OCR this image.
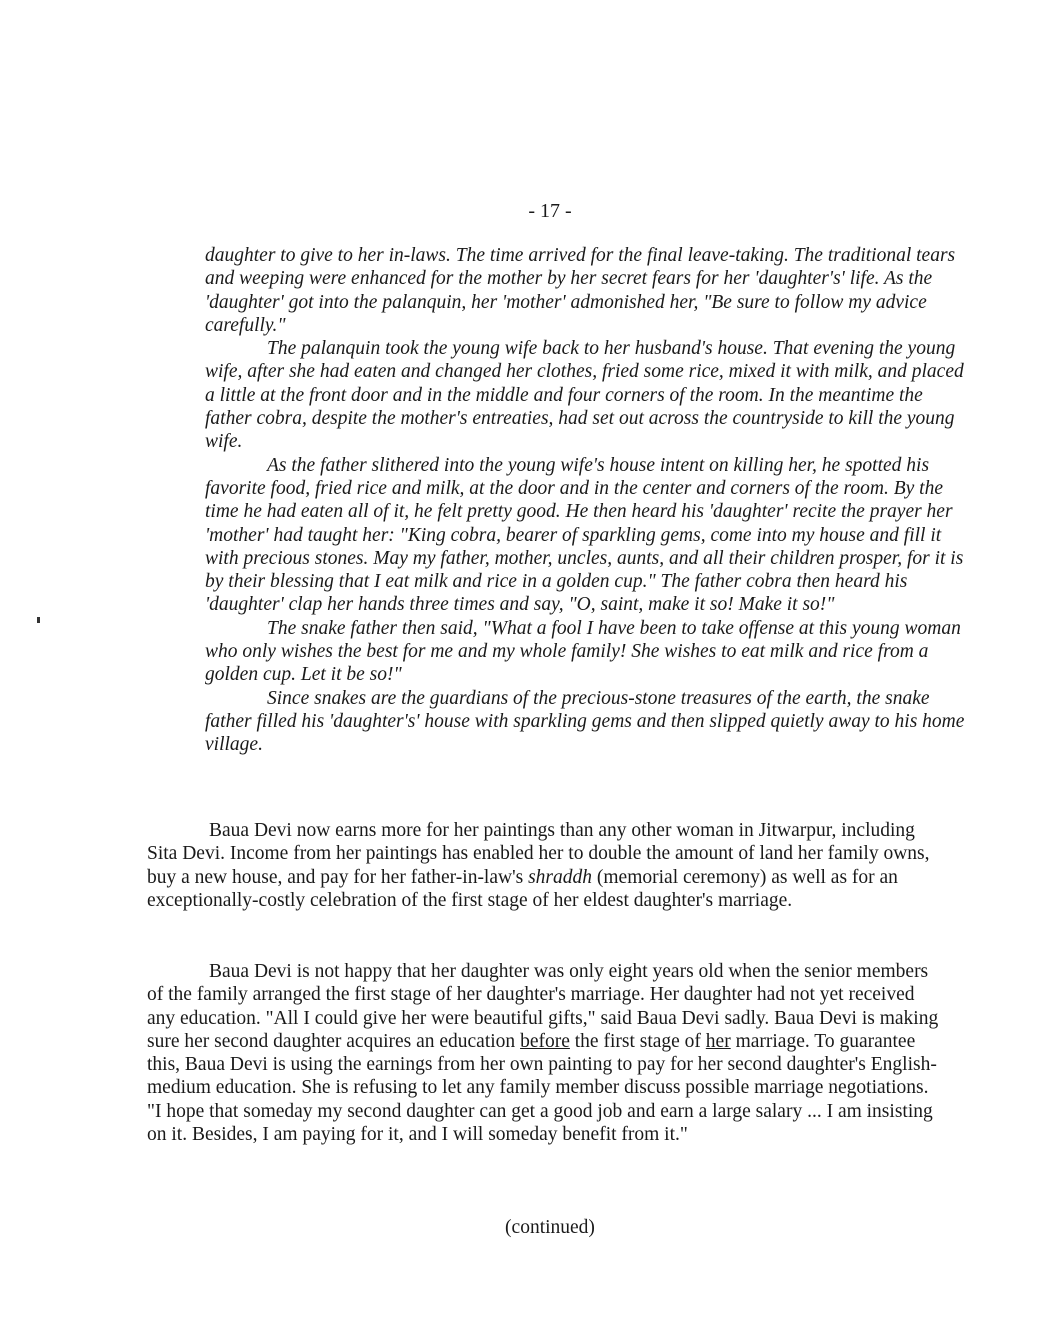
- 17 -

daughter to give to her in-laws. The time arrived for the final leave-taking. The traditional tears and weeping were enhanced for the mother by her secret fears for her 'daughter's' life. As the 'daughter' got into the palanquin, her 'mother' admonished her, "Be sure to follow my advice carefully."

The palanquin took the young wife back to her husband's house. That evening the young wife, after she had eaten and changed her clothes, fried some rice, mixed it with milk, and placed a little at the front door and in the middle and four corners of the room. In the meantime the father cobra, despite the mother's entreaties, had set out across the countryside to kill the young wife.

As the father slithered into the young wife's house intent on killing her, he spotted his favorite food, fried rice and milk, at the door and in the center and corners of the room. By the time he had eaten all of it, he felt pretty good. He then heard his 'daughter' recite the prayer her 'mother' had taught her: "King cobra, bearer of sparkling gems, come into my house and fill it with precious stones. May my father, mother, uncles, aunts, and all their children prosper, for it is by their blessing that I eat milk and rice in a golden cup." The father cobra then heard his 'daughter' clap her hands three times and say, "O, saint, make it so! Make it so!"

The snake father then said, "What a fool I have been to take offense at this young woman who only wishes the best for me and my whole family! She wishes to eat milk and rice from a golden cup. Let it be so!"

Since snakes are the guardians of the precious-stone treasures of the earth, the snake father filled his 'daughter's' house with sparkling gems and then slipped quietly away to his home village.

Baua Devi now earns more for her paintings than any other woman in Jitwarpur, including Sita Devi. Income from her paintings has enabled her to double the amount of land her family owns, buy a new house, and pay for her father-in-law's shraddh (memorial ceremony) as well as for an exceptionally-costly celebration of the first stage of her eldest daughter's marriage.

Baua Devi is not happy that her daughter was only eight years old when the senior members of the family arranged the first stage of her daughter's marriage. Her daughter had not yet received any education. "All I could give her were beautiful gifts," said Baua Devi sadly. Baua Devi is making sure her second daughter acquires an education before the first stage of her marriage. To guarantee this, Baua Devi is using the earnings from her own painting to pay for her second daughter's English-medium education. She is refusing to let any family member discuss possible marriage negotiations. "I hope that someday my second daughter can get a good job and earn a large salary ... I am insisting on it. Besides, I am paying for it, and I will someday benefit from it."

(continued)
